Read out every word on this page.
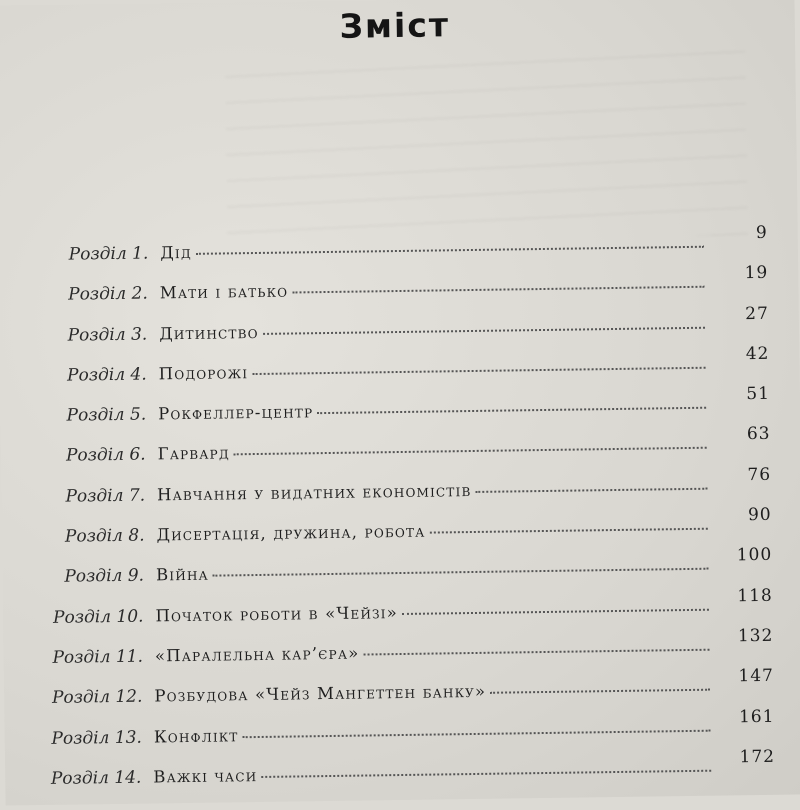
Зміст
Розділ 1. Дід
9
Розділ 2. Мати і батько
19
Розділ 3. Дитинство
27
Розділ 4. Подорожі
42
Розділ 5. Рокфеллер-центр
51
Розділ 6. Гарвард
63
Розділ 7. Навчання у видатних економістів
76
Розділ 8. Дисертація, дружина, робота
90
Розділ 9. Війна
100
Розділ 10. Початок роботи в «Чейзі»
118
Розділ 11. «Паралельна кар’єра»
132
Розділ 12. Розбудова «Чейз Мангеттен банку»
147
Розділ 13. Конфлікт
161
Розділ 14. Важкі часи
172
